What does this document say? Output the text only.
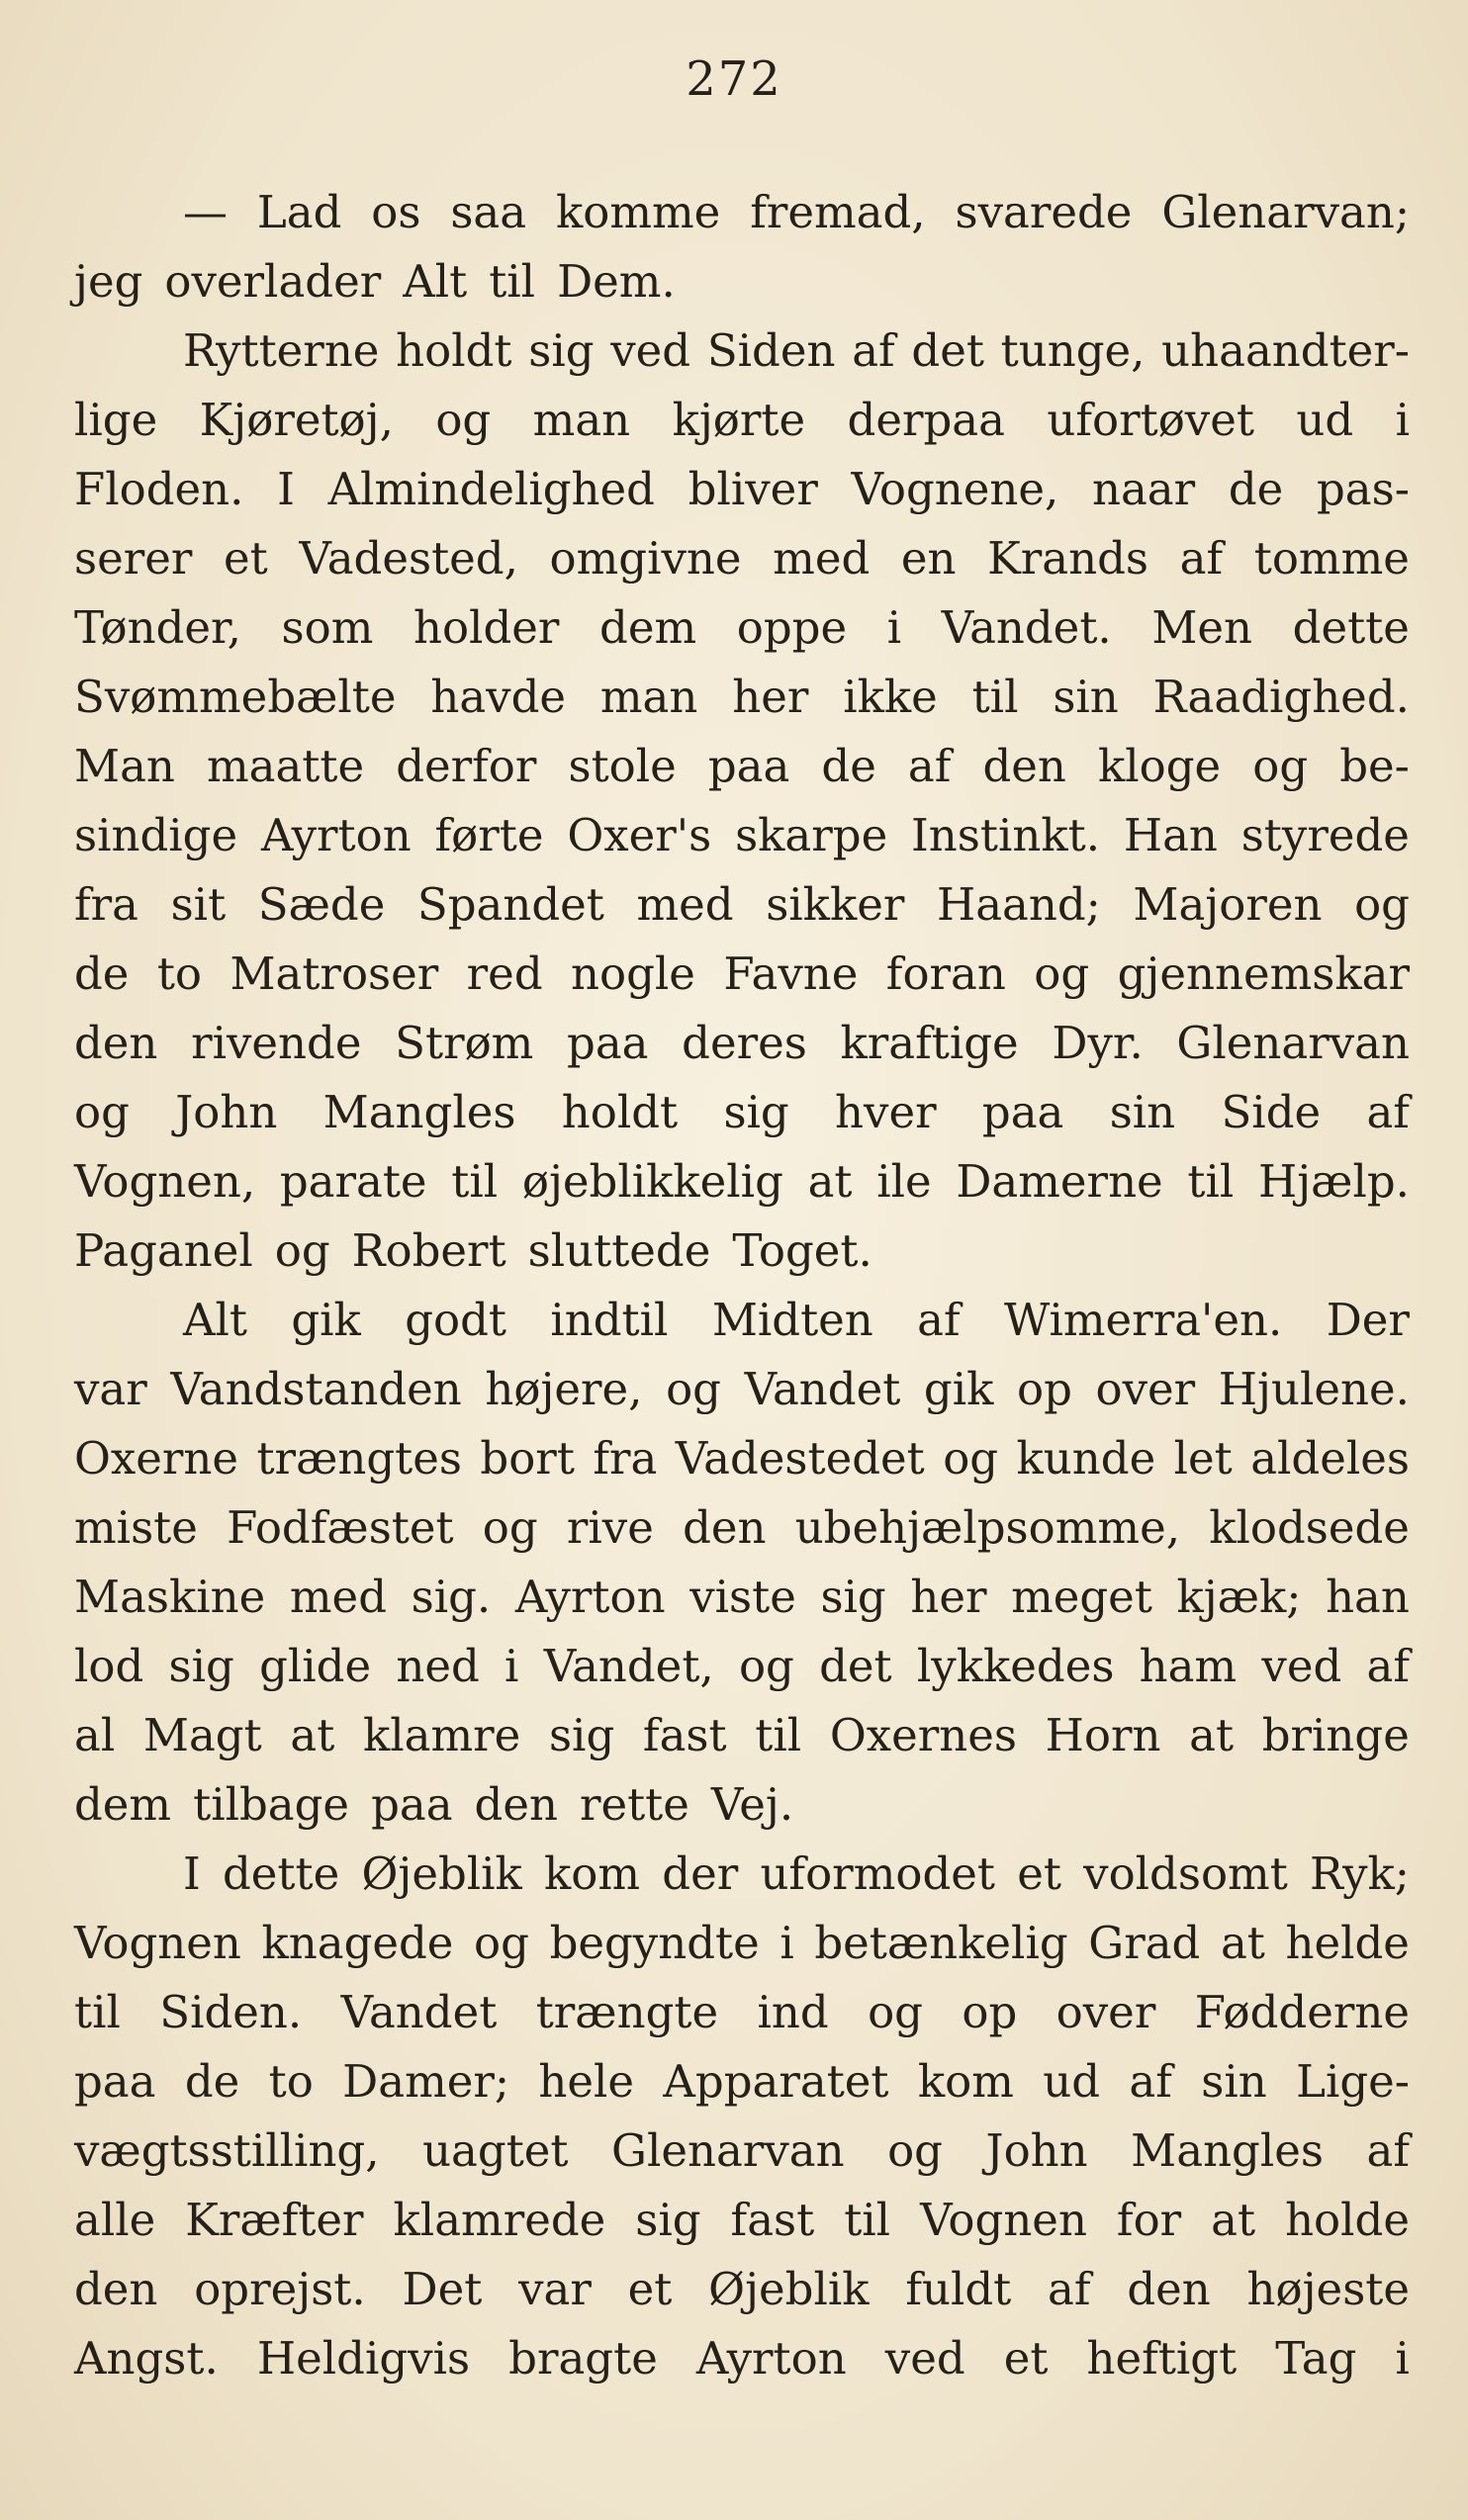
272
— Lad os saa komme fremad, svarede Glenarvan;
jeg overlader Alt til Dem.
Rytterne holdt sig ved Siden af det tunge, uhaandter-
lige Kjøretøj, og man kjørte derpaa ufortøvet ud i
Floden. I Almindelighed bliver Vognene, naar de pas-
serer et Vadested, omgivne med en Krands af tomme
Tønder, som holder dem oppe i Vandet. Men dette
Svømmebælte havde man her ikke til sin Raadighed.
Man maatte derfor stole paa de af den kloge og be-
sindige Ayrton førte Oxer's skarpe Instinkt. Han styrede
fra sit Sæde Spandet med sikker Haand; Majoren og
de to Matroser red nogle Favne foran og gjennemskar
den rivende Strøm paa deres kraftige Dyr. Glenarvan
og John Mangles holdt sig hver paa sin Side af
Vognen, parate til øjeblikkelig at ile Damerne til Hjælp.
Paganel og Robert sluttede Toget.
Alt gik godt indtil Midten af Wimerra'en. Der
var Vandstanden højere, og Vandet gik op over Hjulene.
Oxerne trængtes bort fra Vadestedet og kunde let aldeles
miste Fodfæstet og rive den ubehjælpsomme, klodsede
Maskine med sig. Ayrton viste sig her meget kjæk; han
lod sig glide ned i Vandet, og det lykkedes ham ved af
al Magt at klamre sig fast til Oxernes Horn at bringe
dem tilbage paa den rette Vej.
I dette Øjeblik kom der uformodet et voldsomt Ryk;
Vognen knagede og begyndte i betænkelig Grad at helde
til Siden. Vandet trængte ind og op over Fødderne
paa de to Damer; hele Apparatet kom ud af sin Lige-
vægtsstilling, uagtet Glenarvan og John Mangles af
alle Kræfter klamrede sig fast til Vognen for at holde
den oprejst. Det var et Øjeblik fuldt af den højeste
Angst. Heldigvis bragte Ayrton ved et heftigt Tag i
